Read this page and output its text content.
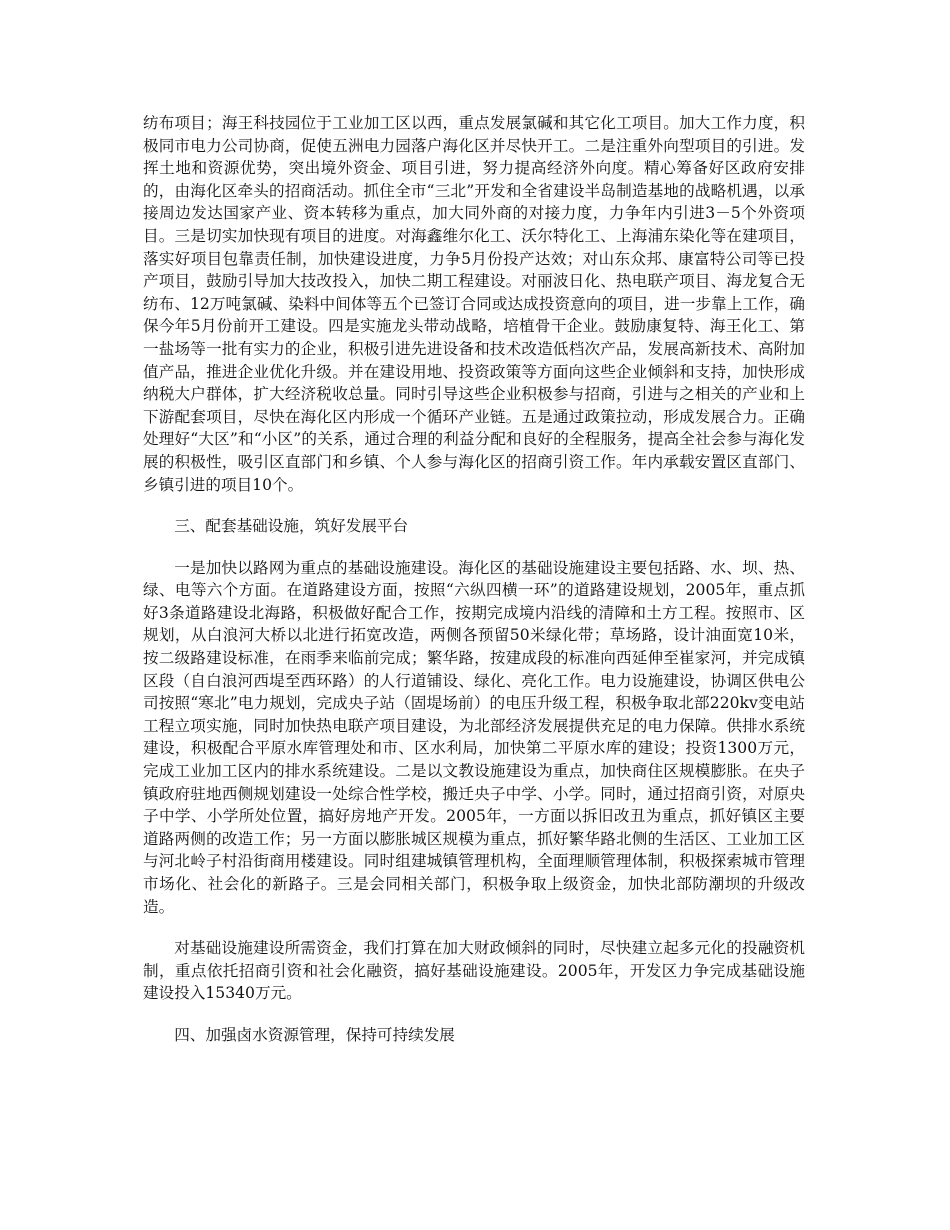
纺布项目；海王科技园位于工业加工区以西，重点发展氯碱和其它化工项目。加大工作力度，积极同市电力公司协商，促使五洲电力园落户海化区并尽快开工。二是注重外向型项目的引进。发挥土地和资源优势，突出境外资金、项目引进，努力提高经济外向度。精心筹备好区政府安排的，由海化区牵头的招商活动。抓住全市“三北”开发和全省建设半岛制造基地的战略机遇，以承接周边发达国家产业、资本转移为重点，加大同外商的对接力度，力争年内引进3－5个外资项目。三是切实加快现有项目的进度。对海鑫维尔化工、沃尔特化工、上海浦东染化等在建项目，落实好项目包靠责任制，加快建设进度，力争5月份投产达效；对山东众邦、康富特公司等已投产项目，鼓励引导加大技改投入，加快二期工程建设。对丽波日化、热电联产项目、海龙复合无纺布、12万吨氯碱、染料中间体等五个已签订合同或达成投资意向的项目，进一步靠上工作，确保今年5月份前开工建设。四是实施龙头带动战略，培植骨干企业。鼓励康复特、海王化工、第一盐场等一批有实力的企业，积极引进先进设备和技术改造低档次产品，发展高新技术、高附加值产品，推进企业优化升级。并在建设用地、投资政策等方面向这些企业倾斜和支持，加快形成纳税大户群体，扩大经济税收总量。同时引导这些企业积极参与招商，引进与之相关的产业和上下游配套项目，尽快在海化区内形成一个循环产业链。五是通过政策拉动，形成发展合力。正确处理好“大区”和“小区”的关系，通过合理的利益分配和良好的全程服务，提高全社会参与海化发展的积极性，吸引区直部门和乡镇、个人参与海化区的招商引资工作。年内承载安置区直部门、乡镇引进的项目10个。

三、配套基础设施，筑好发展平台

一是加快以路网为重点的基础设施建设。海化区的基础设施建设主要包括路、水、坝、热、绿、电等六个方面。在道路建设方面，按照“六纵四横一环”的道路建设规划，2005年，重点抓好3条道路建设北海路，积极做好配合工作，按期完成境内沿线的清障和土方工程。按照市、区规划，从白浪河大桥以北进行拓宽改造，两侧各预留50米绿化带；草场路，设计油面宽10米，按二级路建设标准，在雨季来临前完成；繁华路，按建成段的标准向西延伸至崔家河，并完成镇区段（自白浪河西堤至西环路）的人行道铺设、绿化、亮化工作。电力设施建设，协调区供电公司按照“寒北”电力规划，完成央子站（固堤场前）的电压升级工程，积极争取北部220kv变电站工程立项实施，同时加快热电联产项目建设，为北部经济发展提供充足的电力保障。供排水系统建设，积极配合平原水库管理处和市、区水利局，加快第二平原水库的建设；投资1300万元，完成工业加工区内的排水系统建设。二是以文教设施建设为重点，加快商住区规模膨胀。在央子镇政府驻地西侧规划建设一处综合性学校，搬迁央子中学、小学。同时，通过招商引资，对原央子中学、小学所处位置，搞好房地产开发。2005年，一方面以拆旧改丑为重点，抓好镇区主要道路两侧的改造工作；另一方面以膨胀城区规模为重点，抓好繁华路北侧的生活区、工业加工区与河北岭子村沿街商用楼建设。同时组建城镇管理机构，全面理顺管理体制，积极探索城市管理市场化、社会化的新路子。三是会同相关部门，积极争取上级资金，加快北部防潮坝的升级改造。

对基础设施建设所需资金，我们打算在加大财政倾斜的同时，尽快建立起多元化的投融资机制，重点依托招商引资和社会化融资，搞好基础设施建设。2005年，开发区力争完成基础设施建设投入15340万元。

四、加强卤水资源管理，保持可持续发展
